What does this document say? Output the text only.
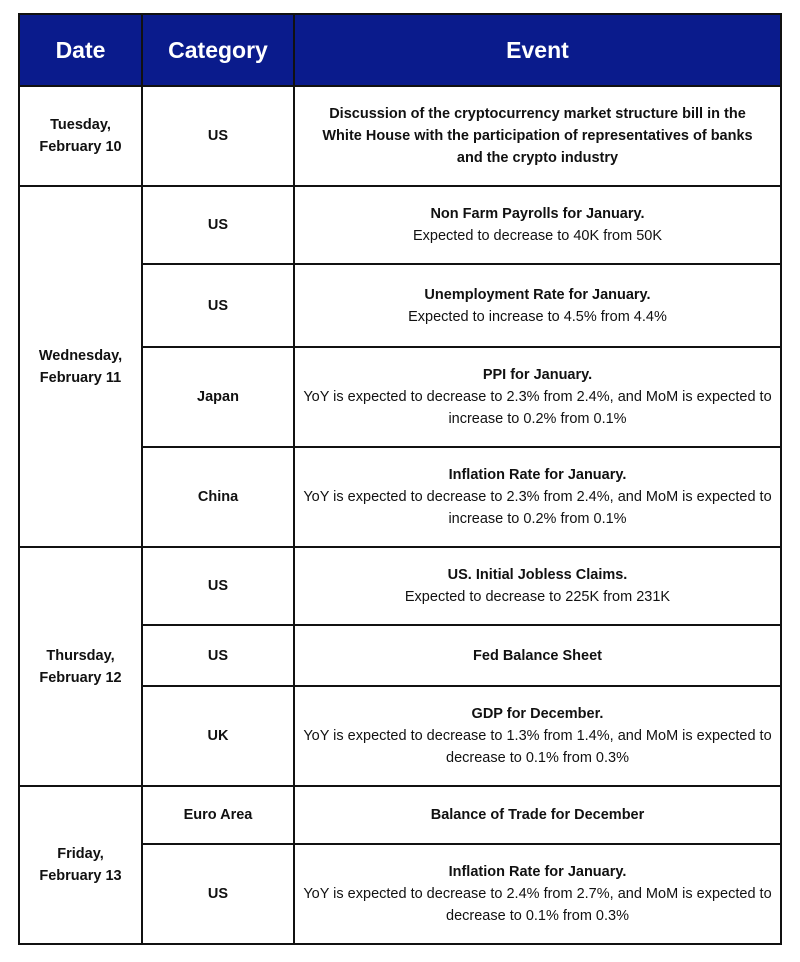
Date	Category	Event
Tuesday,
February 10	US	Discussion of the cryptocurrency market structure bill in the White House with the participation of representatives of banks and the crypto industry

Wednesday,
February 11	US	Non Farm Payrolls for January.
Expected to decrease to 40K from 50K

	US	Unemployment Rate for January.
Expected to increase to 4.5% from 4.4%

	Japan	PPI for January.
YoY is expected to decrease to 2.3% from 2.4%, and MoM is expected to increase to 0.2% from 0.1%

	China	Inflation Rate for January.
YoY is expected to decrease to 2.3% from 2.4%, and MoM is expected to increase to 0.2% from 0.1%

Thursday,
February 12	US	US. Initial Jobless Claims.
Expected to decrease to 225K from 231K

	US	Fed Balance Sheet

	UK	GDP for December.
YoY is expected to decrease to 1.3% from 1.4%, and MoM is expected to decrease to 0.1% from 0.3%

Friday,
February 13	Euro Area	Balance of Trade for December

	US	Inflation Rate for January.
YoY is expected to decrease to 2.4% from 2.7%, and MoM is expected to decrease to 0.1% from 0.3%
